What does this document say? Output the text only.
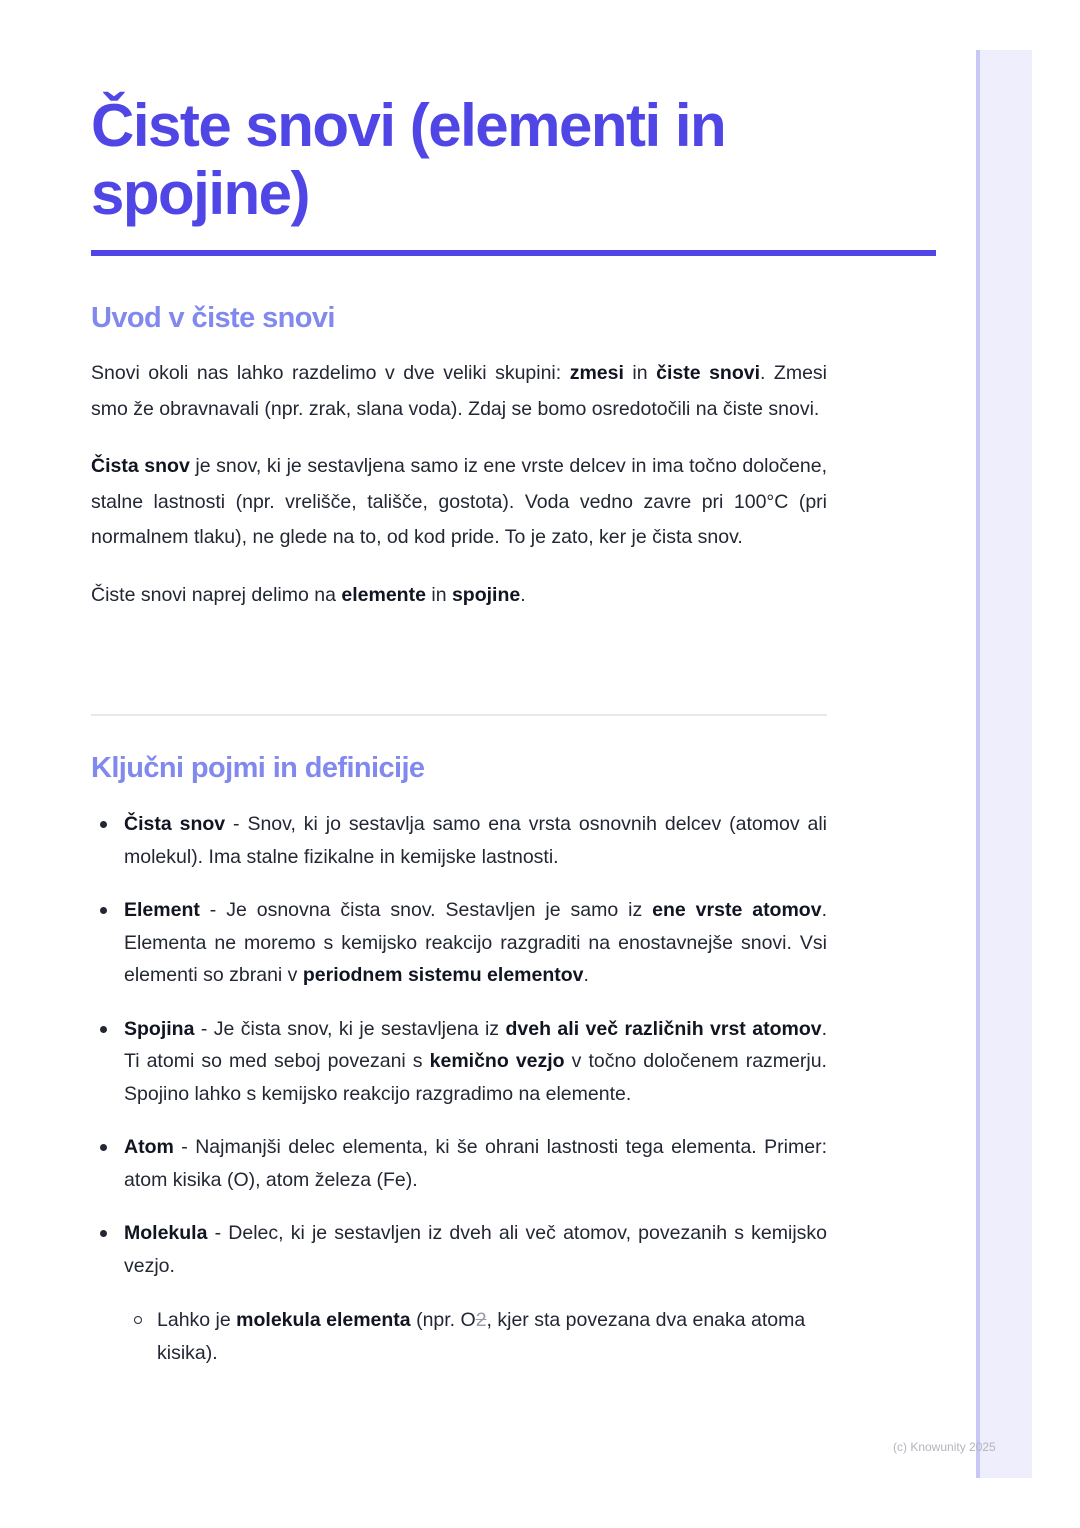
Čiste snovi (elementi in spojine)
Uvod v čiste snovi

Snovi okoli nas lahko razdelimo v dve veliki skupini: zmesi in čiste snovi. Zmesi smo že obravnavali (npr. zrak, slana voda). Zdaj se bomo osredotočili na čiste snovi.

Čista snov je snov, ki je sestavljena samo iz ene vrste delcev in ima točno določene, stalne lastnosti (npr. vrelišče, tališče, gostota). Voda vedno zavre pri 100°C (pri normalnem tlaku), ne glede na to, od kod pride. To je zato, ker je čista snov.

Čiste snovi naprej delimo na elemente in spojine.

Ključni pojmi in definicije
Čista snov - Snov, ki jo sestavlja samo ena vrsta osnovnih delcev (atomov ali molekul). Ima stalne fizikalne in kemijske lastnosti.
Element - Je osnovna čista snov. Sestavljen je samo iz ene vrste atomov. Elementa ne moremo s kemijsko reakcijo razgraditi na enostavnejše snovi. Vsi elementi so zbrani v periodnem sistemu elementov.
Spojina - Je čista snov, ki je sestavljena iz dveh ali več različnih vrst atomov. Ti atomi so med seboj povezani s kemično vezjo v točno določenem razmerju. Spojino lahko s kemijsko reakcijo razgradimo na elemente.
Atom - Najmanjši delec elementa, ki še ohrani lastnosti tega elementa. Primer: atom kisika (O), atom železa (Fe).
Molekula - Delec, ki je sestavljen iz dveh ali več atomov, povezanih s kemijsko vezjo.
Lahko je molekula elementa (npr. O2, kjer sta povezana dva enaka atoma kisika).
(c) Knowunity 2025
